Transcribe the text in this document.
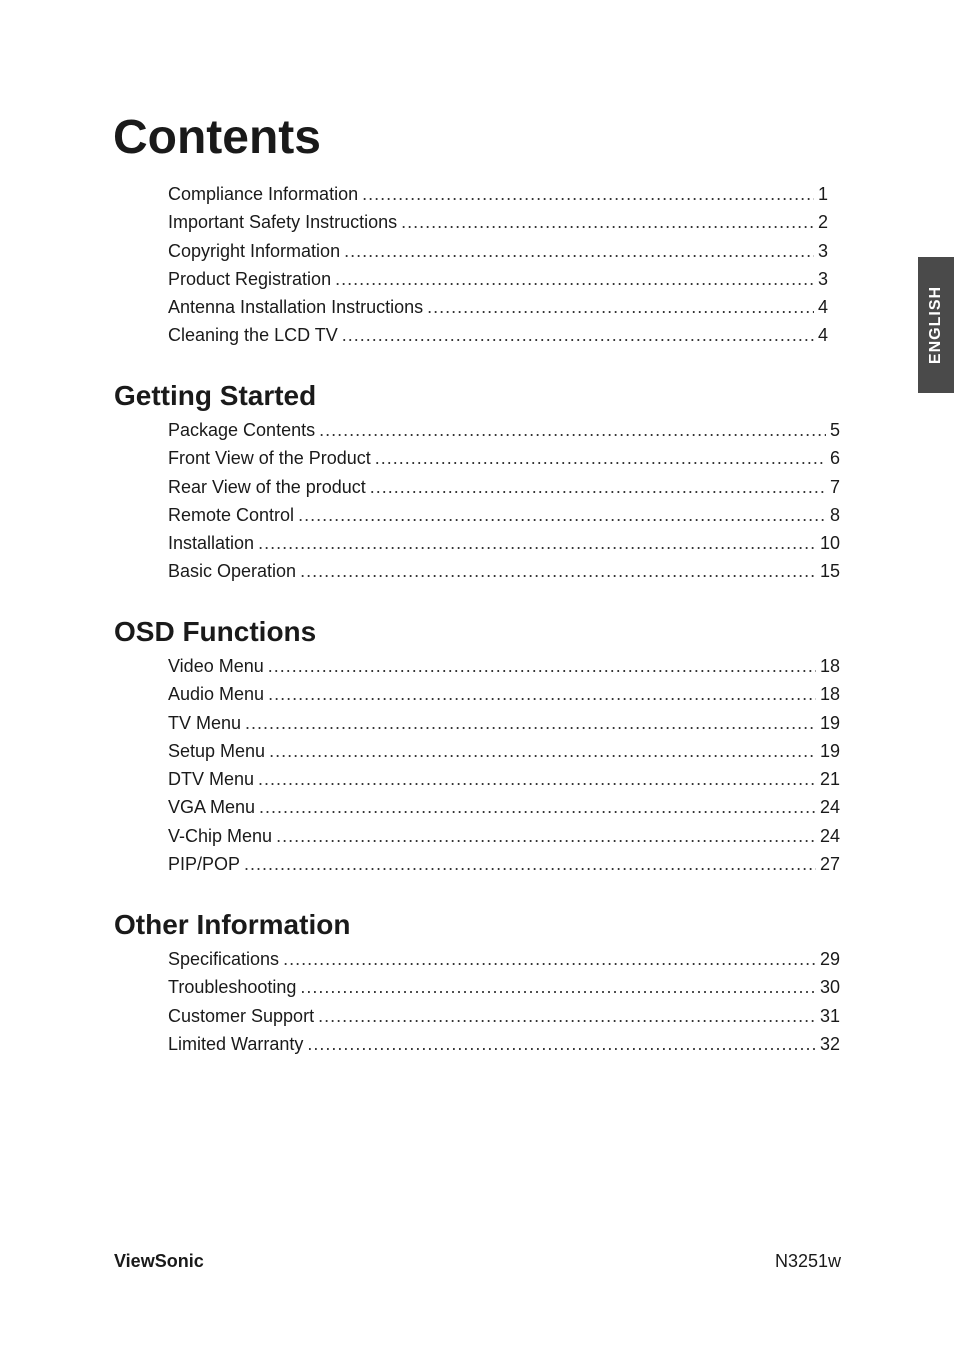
Contents
ENGLISH
Compliance Information .....	1
Important Safety Instructions .....	2
Copyright Information .....	3
Product Registration .....	3
Antenna Installation Instructions .....	4
Cleaning the LCD TV .....	4
Getting Started
Package Contents .....	5
Front View of the Product .....	6
Rear View of the product .....	7
Remote Control .....	8
Installation .....	10
Basic Operation .....	15
OSD Functions
Video Menu .....	18
Audio Menu .....	18
TV Menu .....	19
Setup Menu .....	19
DTV Menu .....	21
VGA Menu .....	24
V-Chip Menu .....	24
PIP/POP .....	27
Other Information
Specifications .....	29
Troubleshooting .....	30
Customer Support .....	31
Limited Warranty .....	32
ViewSonic	N3251w
